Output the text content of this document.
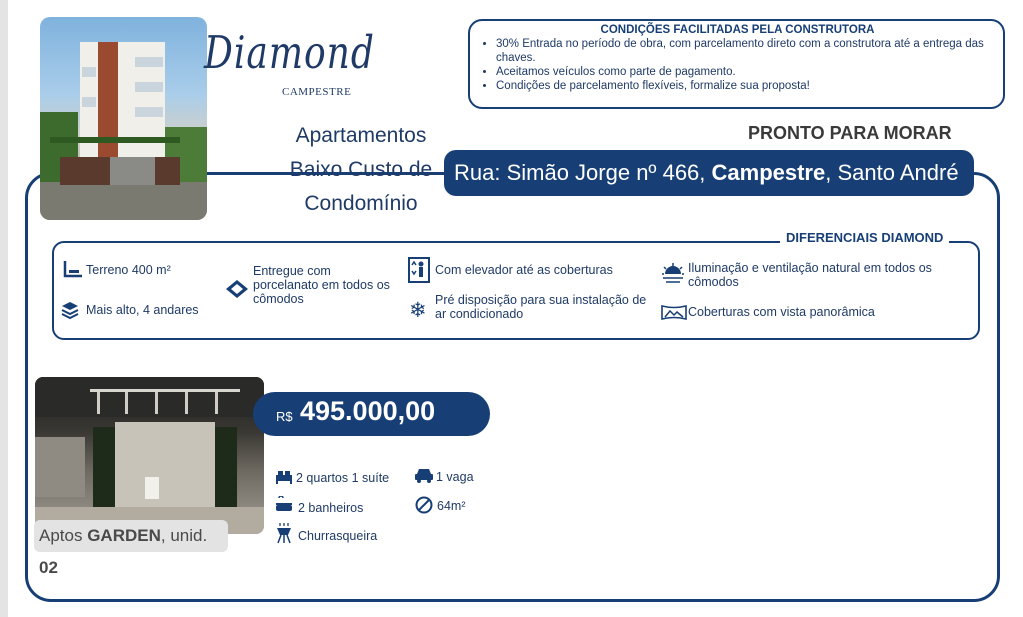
Diamond
CAMPESTRE
Apartamentos
Baixo Custo de
Condomínio
CONDIÇÕES FACILITADAS PELA CONSTRUTORA
• 30% Entrada no período de obra, com parcelamento direto com a construtora até a entrega das chaves.
• Aceitamos veículos como parte de pagamento.
• Condições de parcelamento flexíveis, formalize sua proposta!
PRONTO PARA MORAR
Rua: Simão Jorge nº 466, Campestre, Santo André
DIFERENCIAIS DIAMOND
Terreno 400 m²
Mais alto, 4 andares
Entregue com porcelanato em todos os cômodos
Com elevador até as coberturas
❄ Pré disposição para sua instalação de ar condicionado
Iluminação e ventilação natural em todos os cômodos
Coberturas com vista panorâmica
Aptos GARDEN, unid. 02
R$ 495.000,00
2 quartos 1 suíte	1 vaga
2 banheiros	64m²
Churrasqueira
